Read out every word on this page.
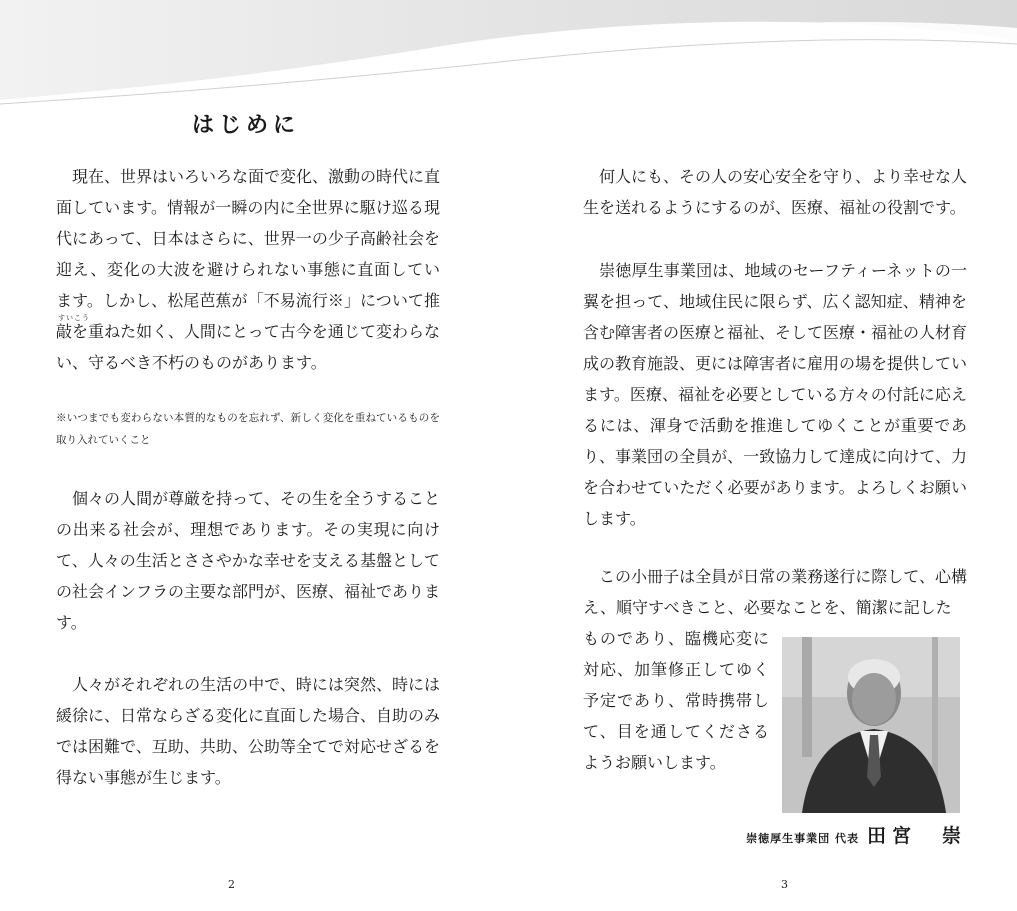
はじめに

　現在、世界はいろいろな面で変化、激動の時代に直面しています。情報が一瞬の内に全世界に駆け巡る現代にあって、日本はさらに、世界一の少子高齢社会を迎え、変化の大波を避けられない事態に直面しています。しかし、松尾芭蕉が「不易流行※」について推敲を重ねた如く、人間にとって古今を通じて変わらない、守るべき不朽のものがあります。

すいこう

※いつまでも変わらない本質的なものを忘れず、新しく変化を重ねているものを取り入れていくこと

　個々の人間が尊厳を持って、その生を全うすることの出来る社会が、理想であります。その実現に向けて、人々の生活とささやかな幸せを支える基盤としての社会インフラの主要な部門が、医療、福祉であります。

　人々がそれぞれの生活の中で、時には突然、時には緩徐に、日常ならざる変化に直面した場合、自助のみでは困難で、互助、共助、公助等全てで対応せざるを得ない事態が生じます。

2

　何人にも、その人の安心安全を守り、より幸せな人生を送れるようにするのが、医療、福祉の役割です。

　崇徳厚生事業団は、地域のセーフティーネットの一翼を担って、地域住民に限らず、広く認知症、精神を含む障害者の医療と福祉、そして医療・福祉の人材育成の教育施設、更には障害者に雇用の場を提供しています。医療、福祉を必要としている方々の付託に応えるには、渾身で活動を推進してゆくことが重要であり、事業団の全員が、一致協力して達成に向けて、力を合わせていただく必要があります。よろしくお願いします。

　この小冊子は全員が日常の業務遂行に際して、心構え、順守すべきこと、必要なことを、簡潔に記した

ものであり、臨機応変に対応、加筆修正してゆく予定であり、常時携帯して、目を通してくださるようお願いします。

崇徳厚生事業団 代表 田宮　崇
3
